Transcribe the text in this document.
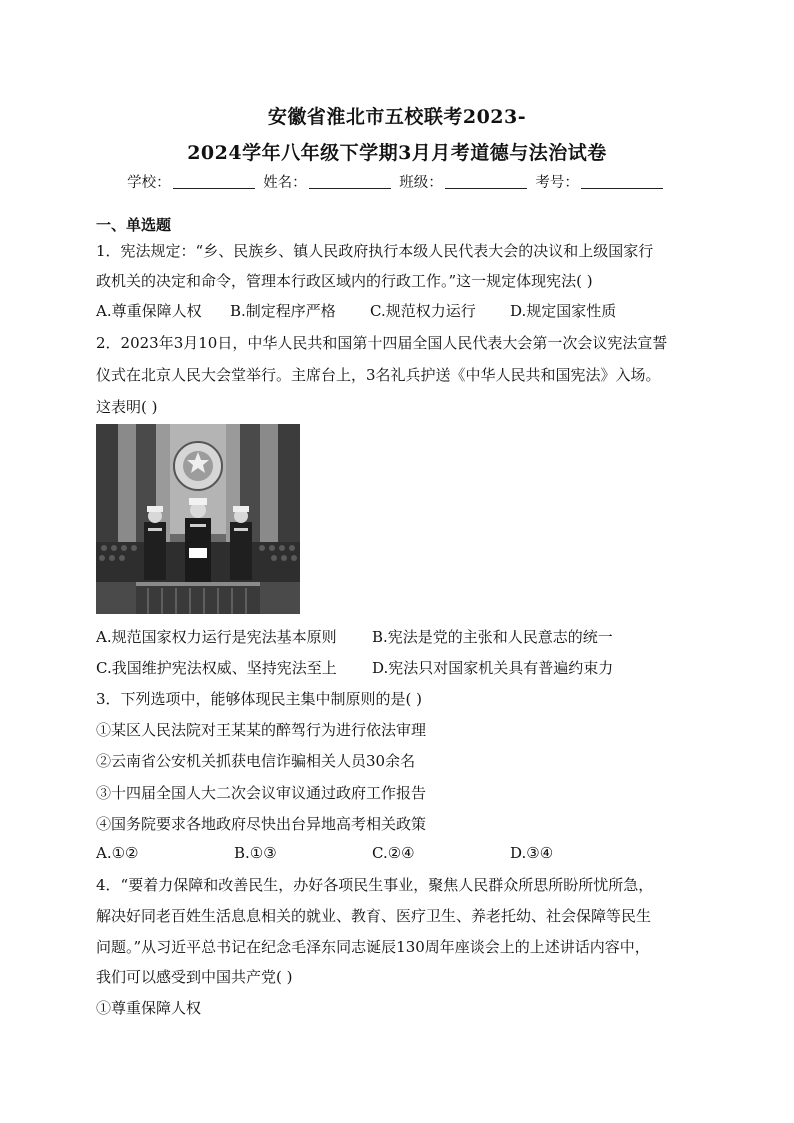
安徽省淮北市五校联考2023-
2024学年八年级下学期3月月考道德与法治试卷
学校：	姓名：	班级：	考号：
一、单选题
1．宪法规定：“乡、民族乡、镇人民政府执行本级人民代表大会的决议和上级国家行
政机关的决定和命令，管理本行政区域内的行政工作。”这一规定体现宪法( )
A.尊重保障人权 B.制定程序严格 C.规范权力运行 D.规定国家性质
2．2023年3月10日，中华人民共和国第十四届全国人民代表大会第一次会议宪法宣誓
仪式在北京人民大会堂举行。主席台上，3名礼兵护送《中华人民共和国宪法》入场。
这表明( )
A.规范国家权力运行是宪法基本原则 B.宪法是党的主张和人民意志的统一
C.我国维护宪法权威、坚持宪法至上 D.宪法只对国家机关具有普遍约束力
3．下列选项中，能够体现民主集中制原则的是( )
①某区人民法院对王某某的醉驾行为进行依法审理
②云南省公安机关抓获电信诈骗相关人员30余名
③十四届全国人大二次会议审议通过政府工作报告
④国务院要求各地政府尽快出台异地高考相关政策
A.①②	B.①③	C.②④	D.③④
4．“要着力保障和改善民生，办好各项民生事业，聚焦人民群众所思所盼所忧所急，
解决好同老百姓生活息息相关的就业、教育、医疗卫生、养老托幼、社会保障等民生
问题。”从习近平总书记在纪念毛泽东同志诞辰130周年座谈会上的上述讲话内容中，
我们可以感受到中国共产党( )
①尊重保障人权
